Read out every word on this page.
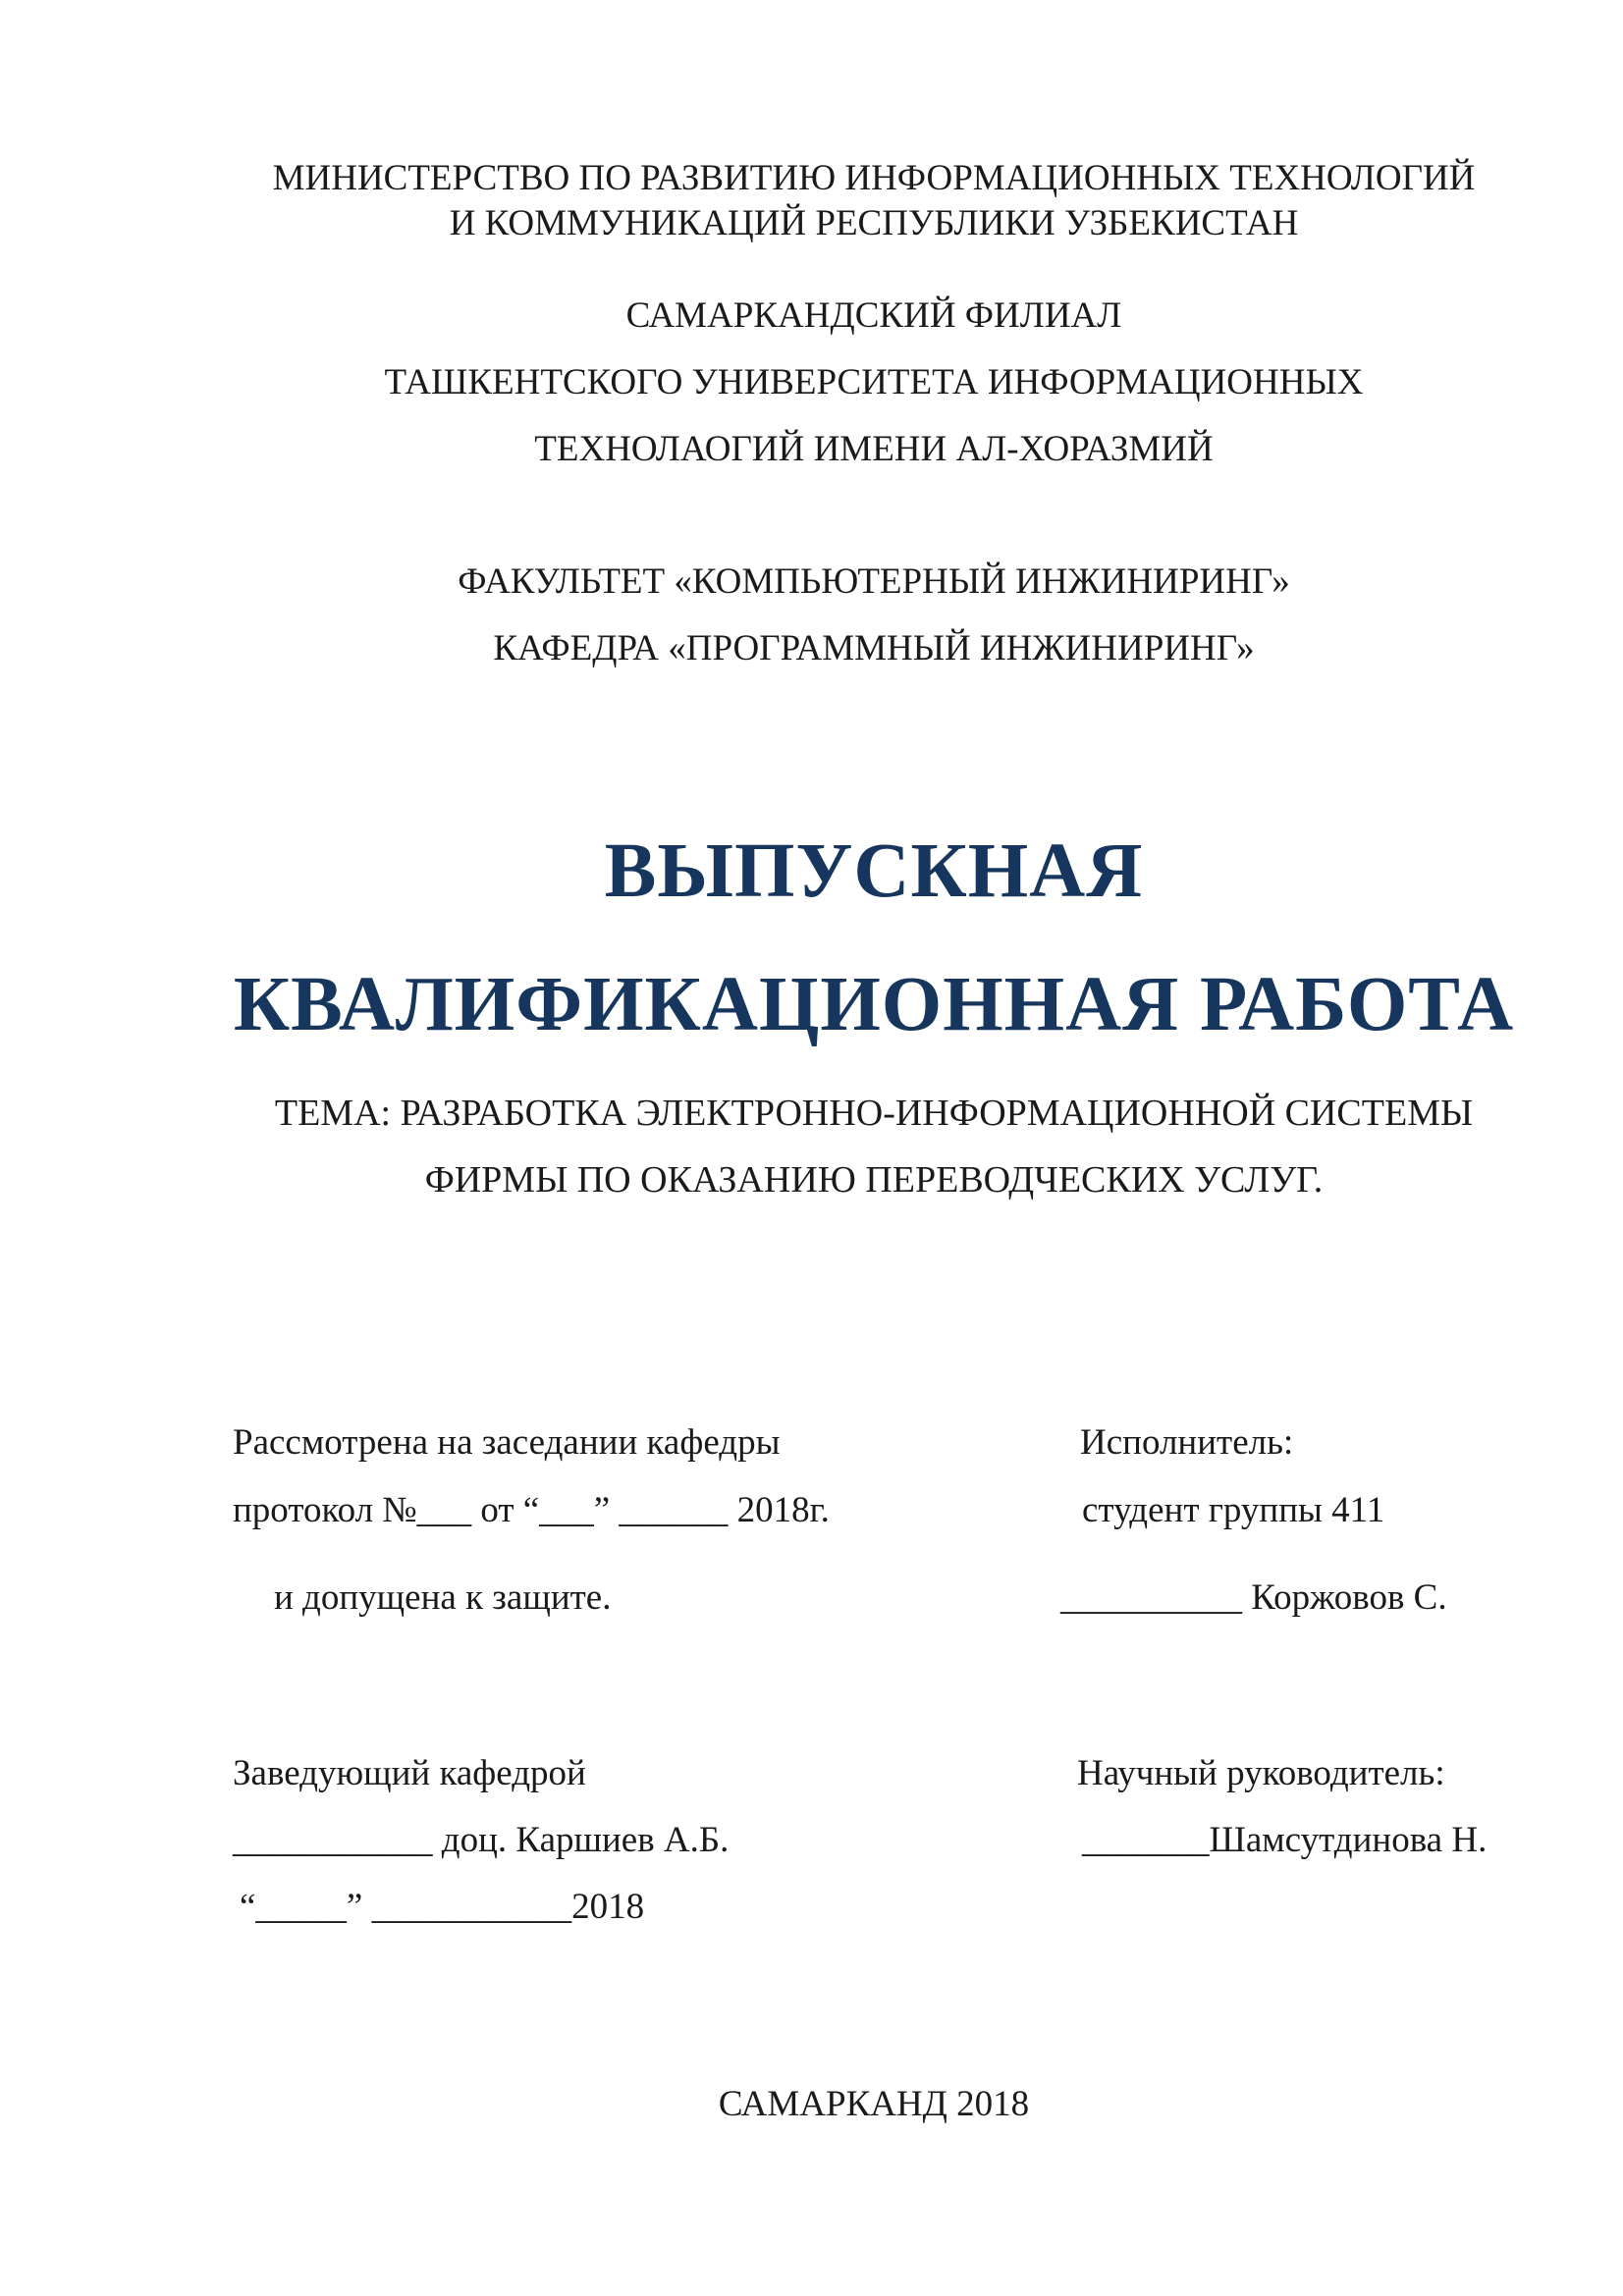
МИНИСТЕРСТВО ПО РАЗВИТИЮ ИНФОРМАЦИОННЫХ ТЕХНОЛОГИЙ
И КОММУНИКАЦИЙ РЕСПУБЛИКИ УЗБЕКИСТАН
САМАРКАНДСКИЙ ФИЛИАЛ
ТАШКЕНТСКОГО УНИВЕРСИТЕТА ИНФОРМАЦИОННЫХ
ТЕХНОЛАОГИЙ ИМЕНИ АЛ-ХОРАЗМИЙ
ФАКУЛЬТЕТ «КОМПЬЮТЕРНЫЙ ИНЖИНИРИНГ»
КАФЕДРА «ПРОГРАММНЫЙ ИНЖИНИРИНГ»
ВЫПУСКНАЯ
КВАЛИФИКАЦИОННАЯ РАБОТА
ТЕМА: РАЗРАБОТКА ЭЛЕКТРОННО-ИНФОРМАЦИОННОЙ СИСТЕМЫ
ФИРМЫ ПО ОКАЗАНИЮ ПЕРЕВОДЧЕСКИХ УСЛУГ.
Рассмотрена на заседании кафедры
протокол №___ от “___” ______ 2018г.
и допущена к защите.
Исполнитель:
студент группы 411
__________ Коржовов С.
Заведующий кафедрой
___________ доц. Каршиев А.Б.
“_____” ___________2018
Научный руководитель:
_______Шамсутдинова Н.
САМАРКАНД 2018
